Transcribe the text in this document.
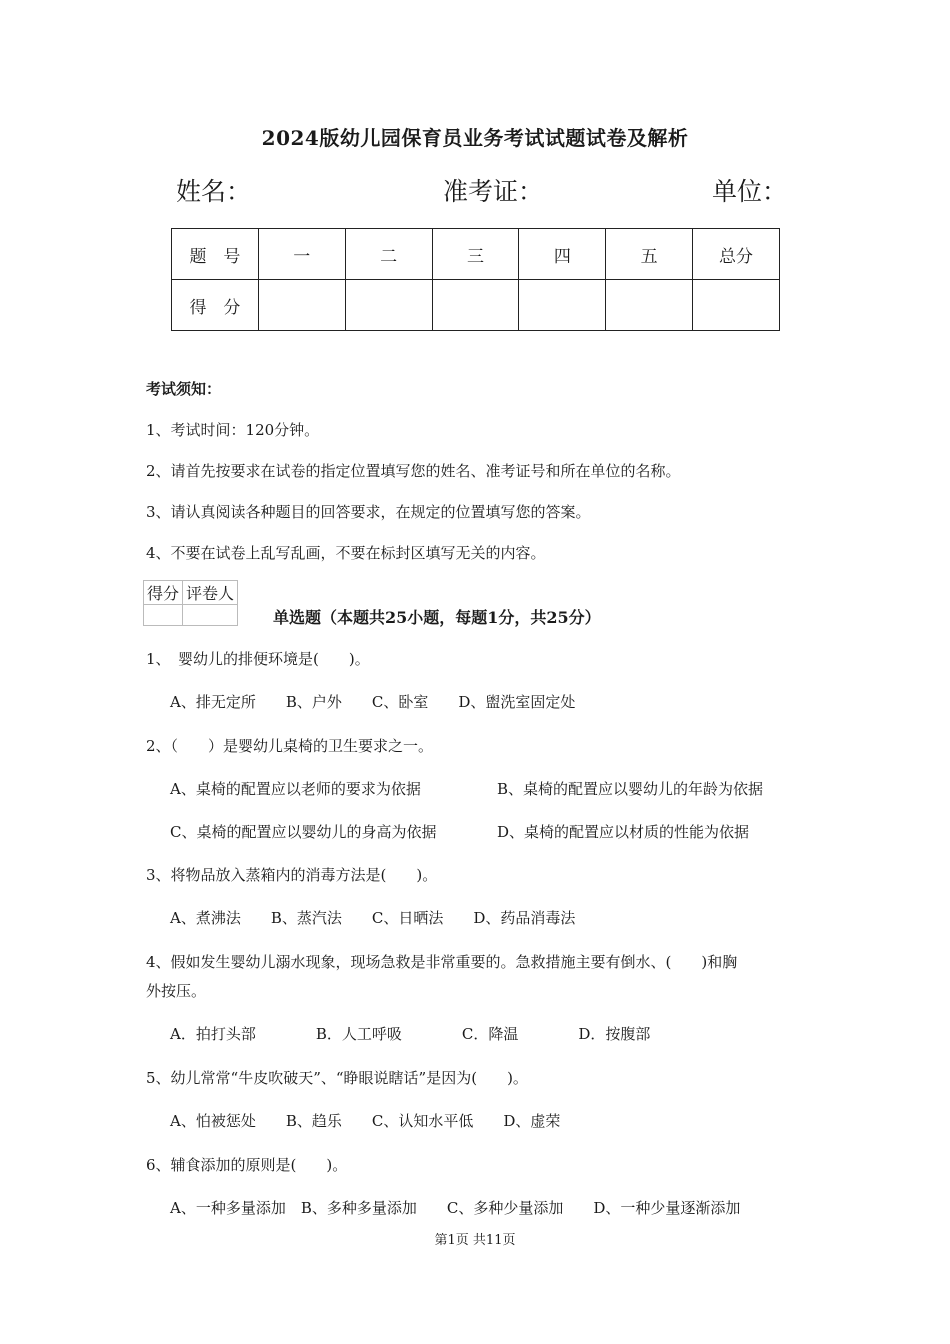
2024版幼儿园保育员业务考试试题试卷及解析
姓名：	准考证：	单位：
题　号	一	二	三	四	五	总分
得　分						
考试须知：
1、考试时间：120分钟。
2、请首先按要求在试卷的指定位置填写您的姓名、准考证号和所在单位的名称。
3、请认真阅读各种题目的回答要求，在规定的位置填写您的答案。
4、不要在试卷上乱写乱画，不要在标封区填写无关的内容。
得分	评卷人

单选题（本题共25小题，每题1分，共25分）
1、　婴幼儿的排便环境是(　　)。
A、排无定所　　B、户外　　C、卧室　　D、盥洗室固定处
2、（　　）是婴幼儿桌椅的卫生要求之一。
A、桌椅的配置应以老师的要求为依据	B、桌椅的配置应以婴幼儿的年龄为依据
C、桌椅的配置应以婴幼儿的身高为依据	D、桌椅的配置应以材质的性能为依据
3、将物品放入蒸箱内的消毒方法是(　　)。
A、煮沸法　　B、蒸汽法　　C、日晒法　　D、药品消毒法
4、假如发生婴幼儿溺水现象，现场急救是非常重要的。急救措施主要有倒水、(　　)和胸
外按压。
A．拍打头部　　　　B．人工呼吸　　　　C．降温　　　　D．按腹部
5、幼儿常常“牛皮吹破天”、“睁眼说瞎话”是因为(　　)。
A、怕被惩处　　B、趋乐　　C、认知水平低　　D、虚荣
6、辅食添加的原则是(　　)。
A、一种多量添加　B、多种多量添加　　C、多种少量添加　　D、一种少量逐渐添加
第1页 共11页
